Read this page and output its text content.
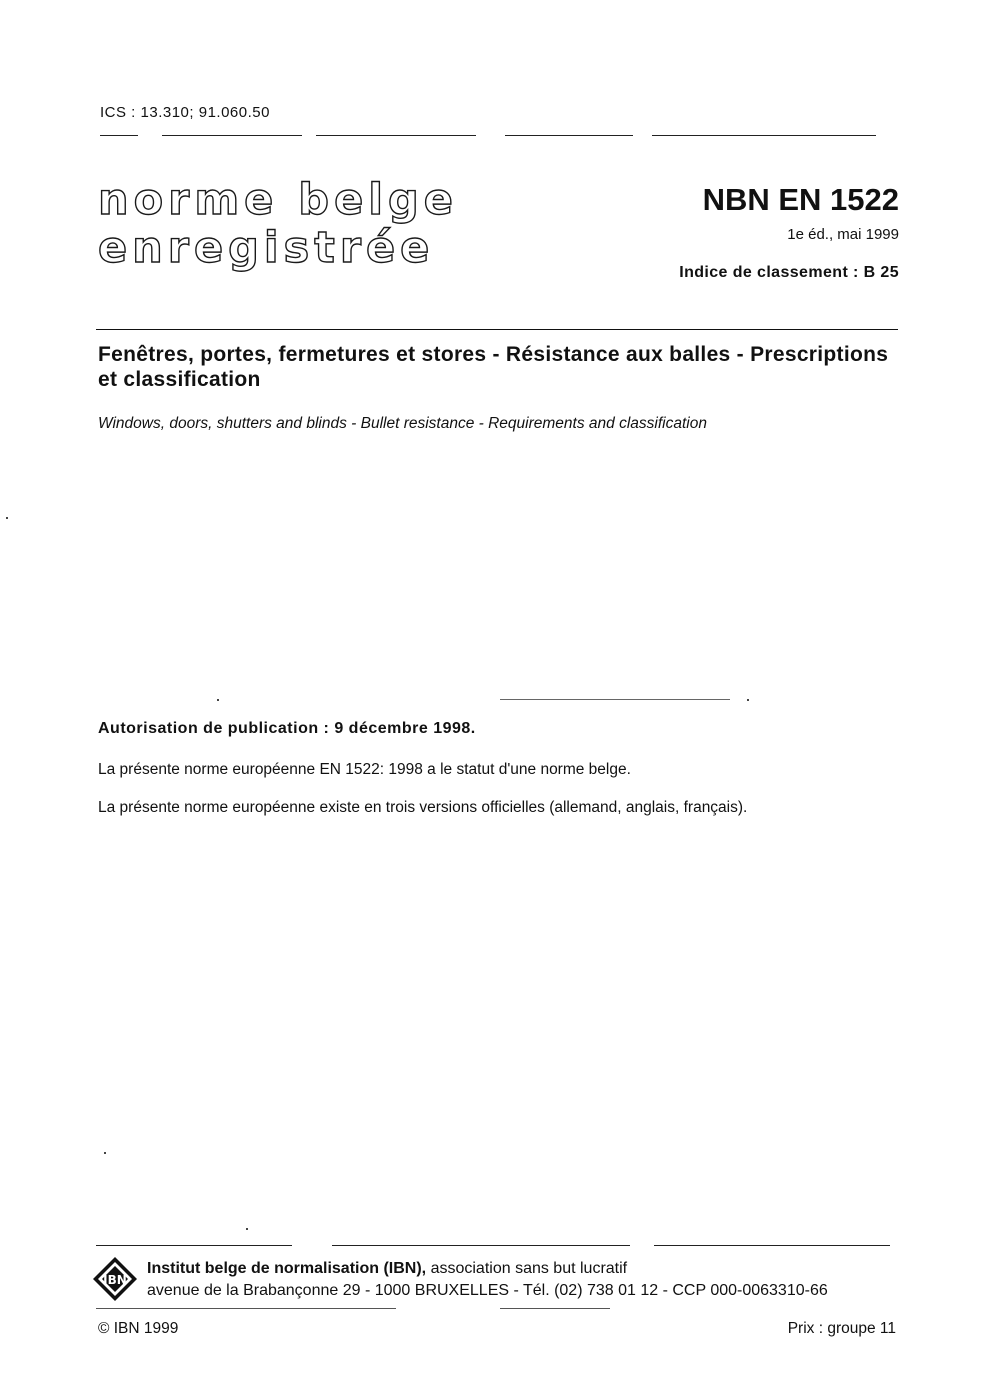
ICS : 13.310; 91.060.50
norme belge
enregistrée
NBN EN 1522
1e éd., mai 1999
Indice de classement : B 25
Fenêtres, portes, fermetures et stores - Résistance aux balles - Prescriptions et classification
Windows, doors, shutters and blinds - Bullet resistance - Requirements and classification
Autorisation de publication : 9 décembre 1998.
La présente norme européenne EN 1522: 1998 a le statut d'une norme belge.
La présente norme européenne existe en trois versions officielles (allemand, anglais, français).
IBN
Institut belge de normalisation (IBN), association sans but lucratif
avenue de la Brabançonne 29 - 1000 BRUXELLES - Tél. (02) 738 01 12 - CCP 000-0063310-66
© IBN 1999	Prix : groupe 11
